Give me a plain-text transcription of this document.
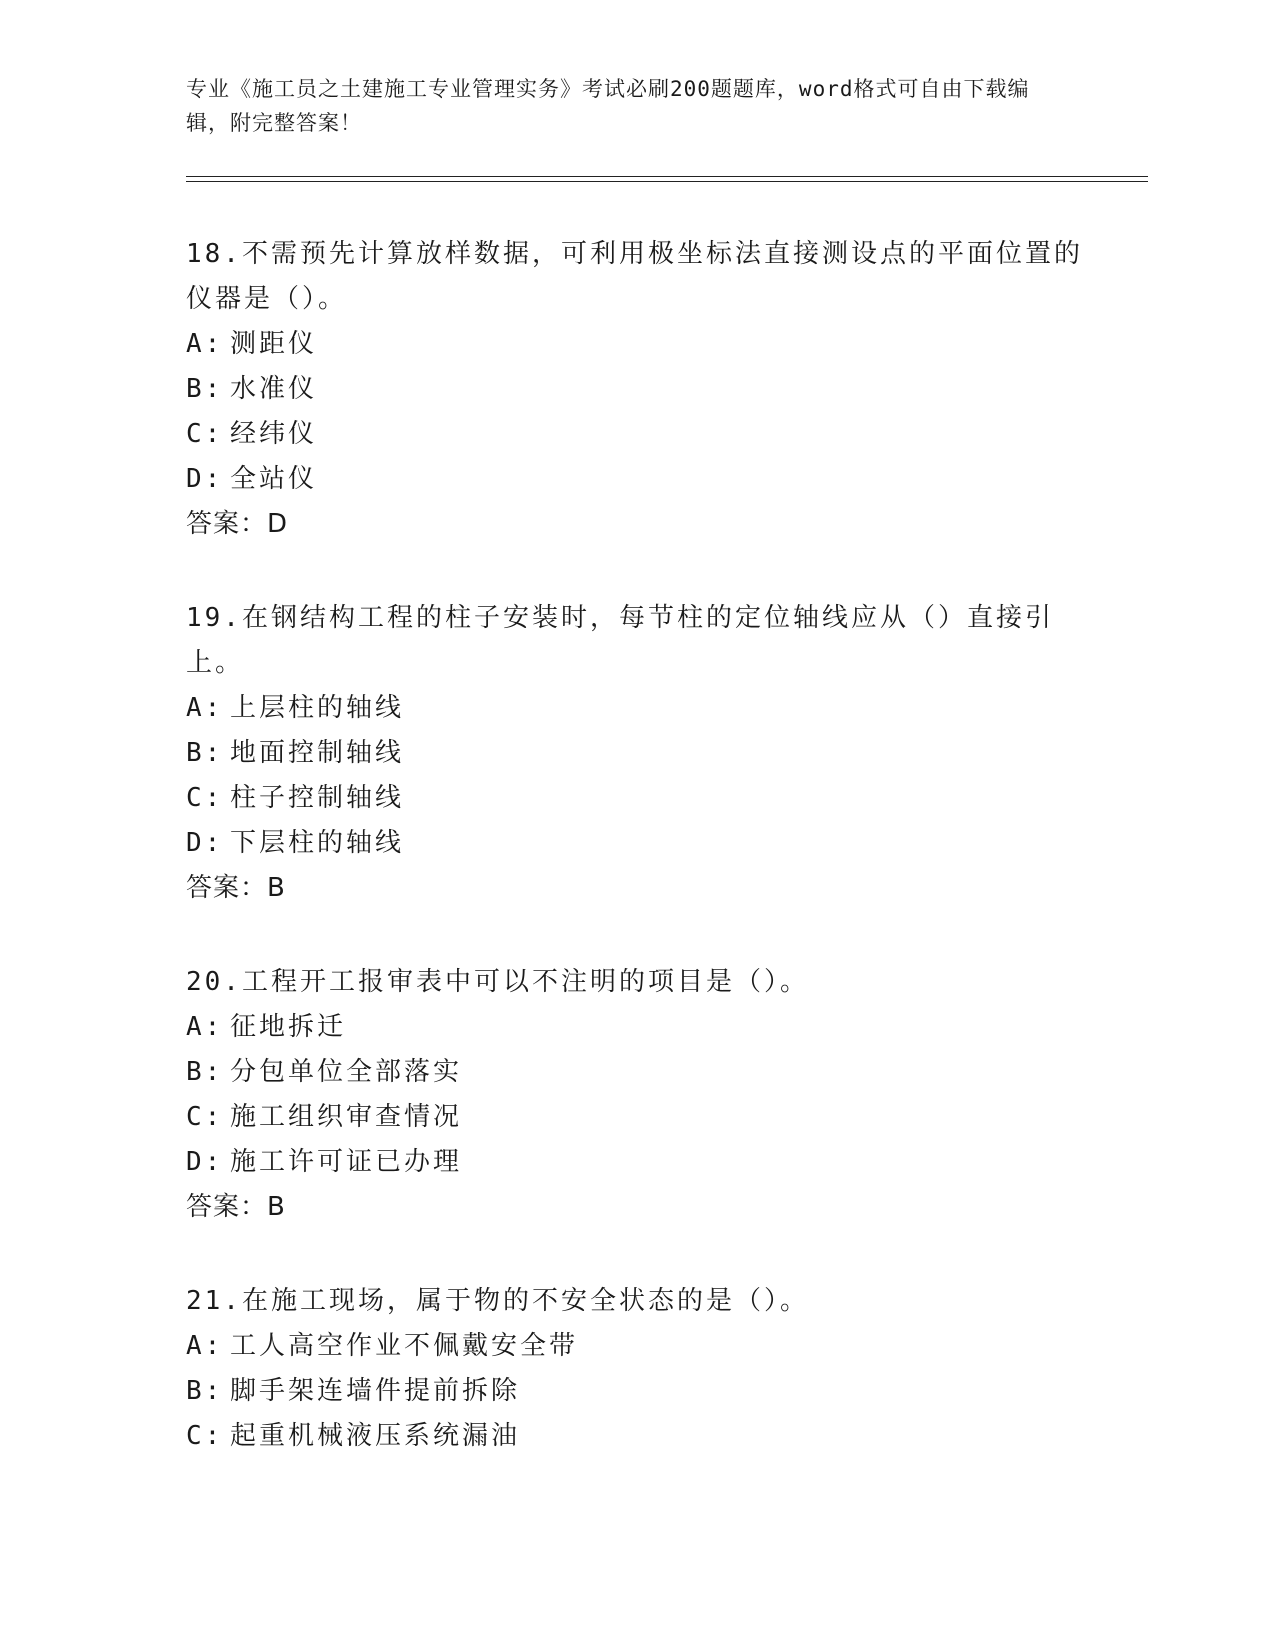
专业《施工员之土建施工专业管理实务》考试必刷200题题库，word格式可自由下载编辑，附完整答案！
18.不需预先计算放样数据，可利用极坐标法直接测设点的平面位置的仪器是（）。
A: 测距仪
B: 水准仪
C: 经纬仪
D: 全站仪
答案：D
19.在钢结构工程的柱子安装时，每节柱的定位轴线应从（）直接引上。
A: 上层柱的轴线
B: 地面控制轴线
C: 柱子控制轴线
D: 下层柱的轴线
答案：B
20.工程开工报审表中可以不注明的项目是（）。
A: 征地拆迁
B: 分包单位全部落实
C: 施工组织审查情况
D: 施工许可证已办理
答案：B
21.在施工现场，属于物的不安全状态的是（）。
A: 工人高空作业不佩戴安全带
B: 脚手架连墙件提前拆除
C: 起重机械液压系统漏油
